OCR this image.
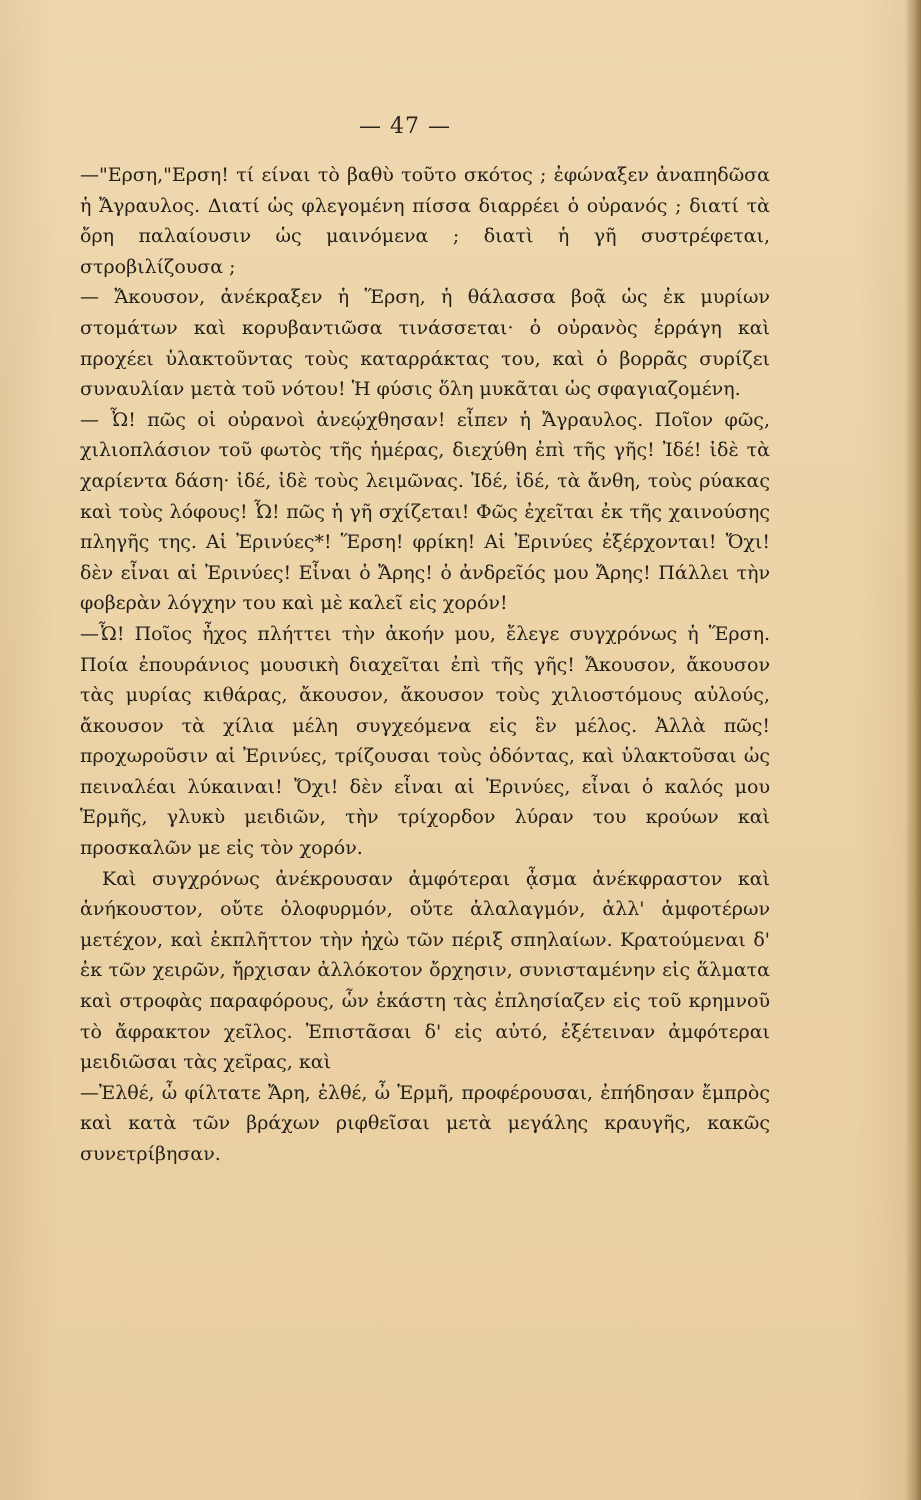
— 47 —

—"Ερση,"Ερση! τί είναι τὸ βαθὺ τοῦτο σκότος ; ἐφώναξεν ἀναπηδῶσα ἡ Ἄγραυλος. Διατί ὡς φλεγομένη πίσσα διαρρέει ὁ οὐρανός ; διατί τὰ ὄρη παλαίουσιν ὡς μαινόμενα ; διατὶ ἡ γῆ συστρέφεται, στροβιλίζουσα ;

— Ἄκουσον, ἀνέκραξεν ἡ Ἕρση, ἡ θάλασσα βοᾷ ὡς ἐκ μυρίων στομάτων καὶ κορυβαντιῶσα τινάσσεται· ὁ οὐρανὸς ἐρράγη καὶ προχέει ὑλακτοῦντας τοὺς καταρράκτας του, καὶ ὁ βορρᾶς συρίζει συναυλίαν μετὰ τοῦ νότου! Ἡ φύσις ὅλη μυκᾶται ὡς σφαγιαζομένη.

— Ὦ! πῶς οἱ οὐρανοὶ ἀνεῴχθησαν! εἶπεν ἡ Ἄγραυλος. Ποῖον φῶς, χιλιοπλάσιον τοῦ φωτὸς τῆς ἡμέρας, διεχύθη ἐπὶ τῆς γῆς! Ἰδέ! ἰδὲ τὰ χαρίεντα δάση· ἰδέ, ἰδὲ τοὺς λειμῶνας. Ἰδέ, ἰδέ, τὰ ἄνθη, τοὺς ρύακας καὶ τοὺς λόφους! Ὦ! πῶς ἡ γῆ σχίζεται! Φῶς ἐχεῖται ἐκ τῆς χαινούσης πληγῆς της. Αἱ Ἐρινύες*! Ἕρση! φρίκη! Αἱ Ἐρινύες ἐξέρχονται! Ὄχι! δὲν εἶναι αἱ Ἐρινύες! Εἶναι ὁ Ἄρης! ὁ ἀνδρεῖός μου Ἄρης! Πάλλει τὴν φοβερὰν λόγχην του καὶ μὲ καλεῖ εἰς χορόν!

—Ὦ! Ποῖος ἦχος πλήττει τὴν ἀκοήν μου, ἔλεγε συγχρόνως ἡ Ἕρση. Ποία ἐπουράνιος μουσικὴ διαχεῖται ἐπὶ τῆς γῆς! Ἄκουσον, ἄκουσον τὰς μυρίας κιθάρας, ἄκουσον, ἄκουσον τοὺς χιλιοστόμους αὐλούς, ἄκουσον τὰ χίλια μέλη συγχεόμενα εἰς ἓν μέλος. Ἀλλὰ πῶς! προχωροῦσιν αἱ Ἐρινύες, τρίζουσαι τοὺς ὀδόντας, καὶ ὑλακτοῦσαι ὡς πειναλέαι λύκαιναι! Ὄχι! δὲν εἶναι αἱ Ἐρινύες, εἶναι ὁ καλός μου Ἑρμῆς, γλυκὺ μειδιῶν, τὴν τρίχορδον λύραν του κρούων καὶ προσκαλῶν με εἰς τὸν χορόν.

Καὶ συγχρόνως ἀνέκρουσαν ἀμφότεραι ᾆσμα ἀνέκφραστον καὶ ἀνήκουστον, οὔτε ὀλοφυρμόν, οὔτε ἀλαλαγμόν, ἀλλ' ἀμφοτέρων μετέχον, καὶ ἐκπλῆττον τὴν ἠχὼ τῶν πέριξ σπηλαίων. Κρατούμεναι δ' ἐκ τῶν χειρῶν, ἤρχισαν ἀλλόκοτον ὄρχησιν, συνισταμένην εἰς ἅλματα καὶ στροφὰς παραφόρους, ὧν ἑκάστη τὰς ἐπλησίαζεν εἰς τοῦ κρημνοῦ τὸ ἄφρακτον χεῖλος. Ἐπιστᾶσαι δ' εἰς αὐτό, ἐξέτειναν ἀμφότεραι μειδιῶσαι τὰς χεῖρας, καὶ

—Ἐλθέ, ὦ φίλτατε Ἄρη, ἐλθέ, ὦ Ἑρμῆ, προφέρουσαι, ἐπήδησαν ἔμπρὸς καὶ κατὰ τῶν βράχων ριφθεῖσαι μετὰ μεγάλης κραυγῆς, κακῶς συνετρίβησαν.
